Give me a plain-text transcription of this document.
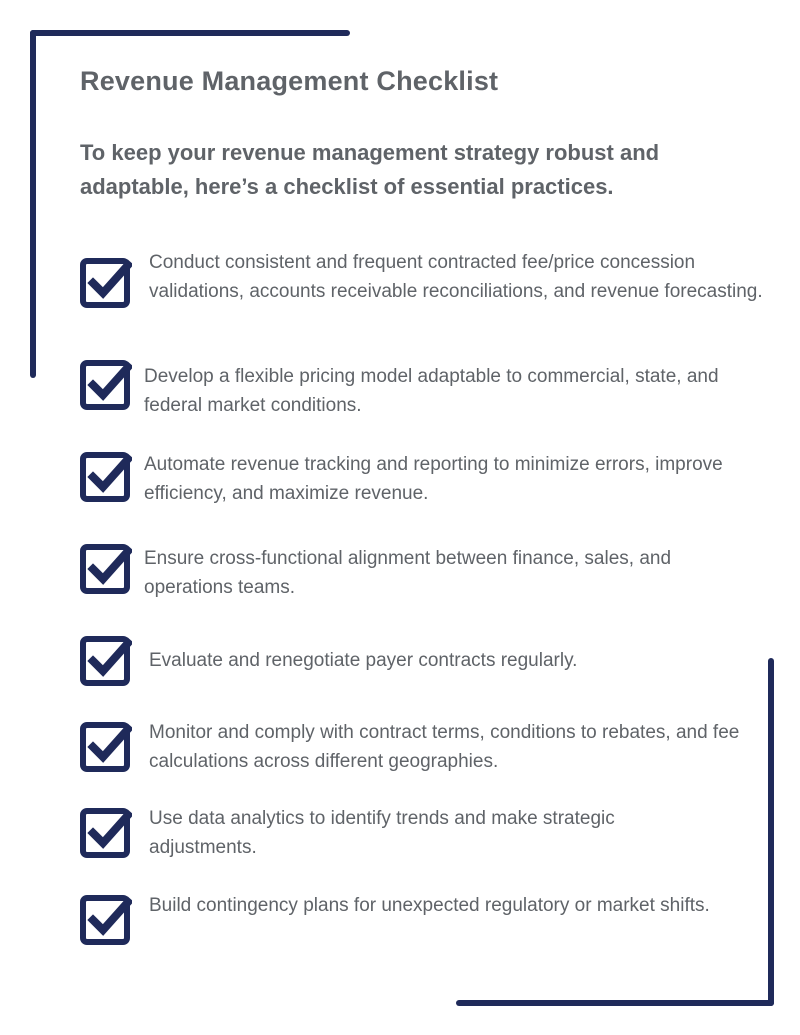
Revenue Management Checklist
To keep your revenue management strategy robust and adaptable, here’s a checklist of essential practices.
Conduct consistent and frequent contracted fee/price concession validations, accounts receivable reconciliations, and revenue forecasting.
Develop a flexible pricing model adaptable to commercial, state, and federal market conditions.
Automate revenue tracking and reporting to minimize errors, improve efficiency, and maximize revenue.
Ensure cross-functional alignment between finance, sales, and operations teams.
Evaluate and renegotiate payer contracts regularly.
Monitor and comply with contract terms, conditions to rebates, and fee calculations across different geographies.
Use data analytics to identify trends and make strategic adjustments.
Build contingency plans for unexpected regulatory or market shifts.
